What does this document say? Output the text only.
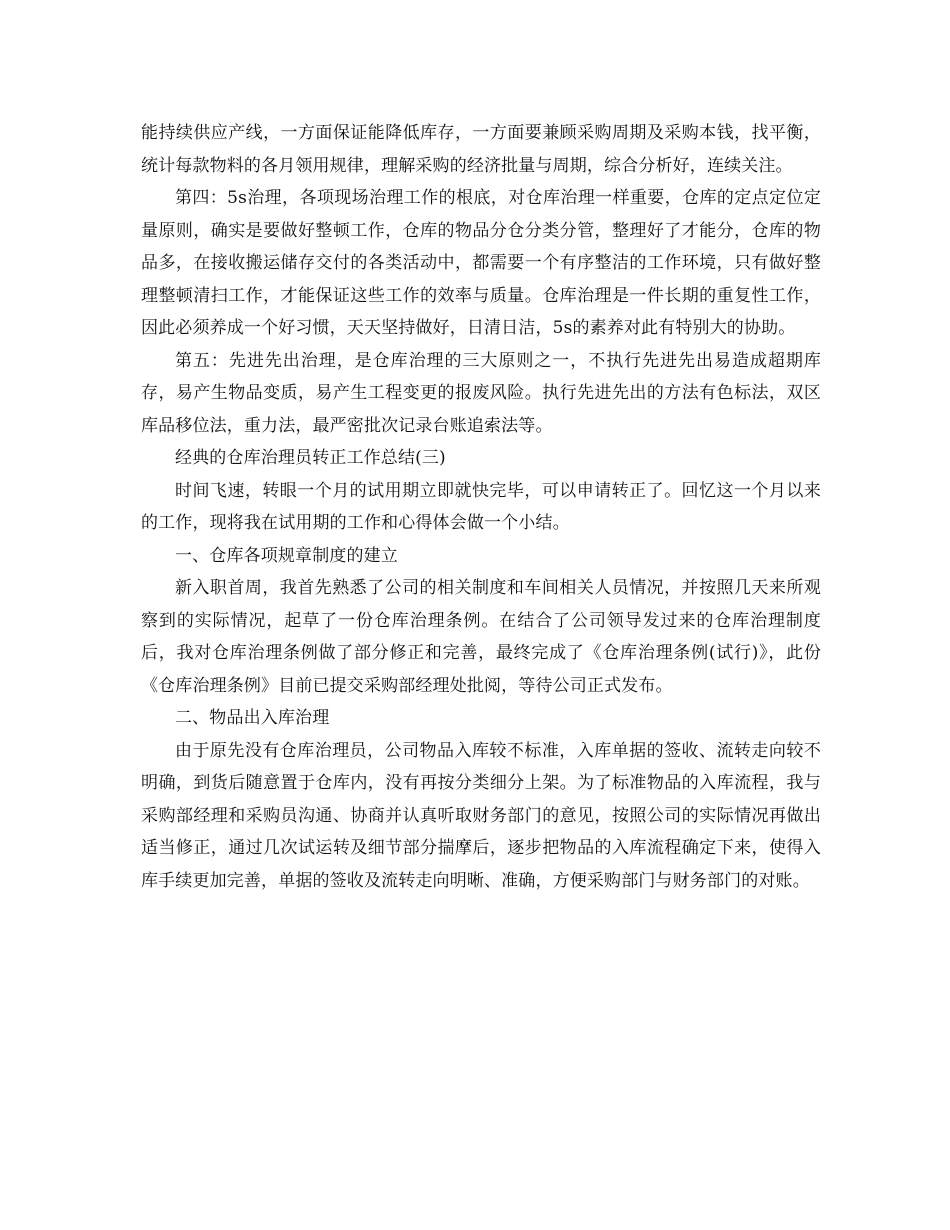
能持续供应产线，一方面保证能降低库存，一方面要兼顾采购周期及采购本钱，找平衡，统计每款物料的各月领用规律，理解采购的经济批量与周期，综合分析好，连续关注。

第四：5s治理，各项现场治理工作的根底，对仓库治理一样重要，仓库的定点定位定量原则，确实是要做好整顿工作，仓库的物品分仓分类分管，整理好了才能分，仓库的物品多，在接收搬运储存交付的各类活动中，都需要一个有序整洁的工作环境，只有做好整理整顿清扫工作，才能保证这些工作的效率与质量。仓库治理是一件长期的重复性工作，因此必须养成一个好习惯，天天坚持做好，日清日洁，5s的素养对此有特别大的协助。

第五：先进先出治理，是仓库治理的三大原则之一，不执行先进先出易造成超期库存，易产生物品变质，易产生工程变更的报废风险。执行先进先出的方法有色标法，双区库品移位法，重力法，最严密批次记录台账追索法等。

经典的仓库治理员转正工作总结(三)

时间飞速，转眼一个月的试用期立即就快完毕，可以申请转正了。回忆这一个月以来的工作，现将我在试用期的工作和心得体会做一个小结。

一、仓库各项规章制度的建立

新入职首周，我首先熟悉了公司的相关制度和车间相关人员情况，并按照几天来所观察到的实际情况，起草了一份仓库治理条例。在结合了公司领导发过来的仓库治理制度后，我对仓库治理条例做了部分修正和完善，最终完成了《仓库治理条例(试行)》，此份《仓库治理条例》目前已提交采购部经理处批阅，等待公司正式发布。

二、物品出入库治理

由于原先没有仓库治理员，公司物品入库较不标准，入库单据的签收、流转走向较不明确，到货后随意置于仓库内，没有再按分类细分上架。为了标准物品的入库流程，我与采购部经理和采购员沟通、协商并认真听取财务部门的意见，按照公司的实际情况再做出适当修正，通过几次试运转及细节部分揣摩后，逐步把物品的入库流程确定下来，使得入库手续更加完善，单据的签收及流转走向明晰、准确，方便采购部门与财务部门的对账。
